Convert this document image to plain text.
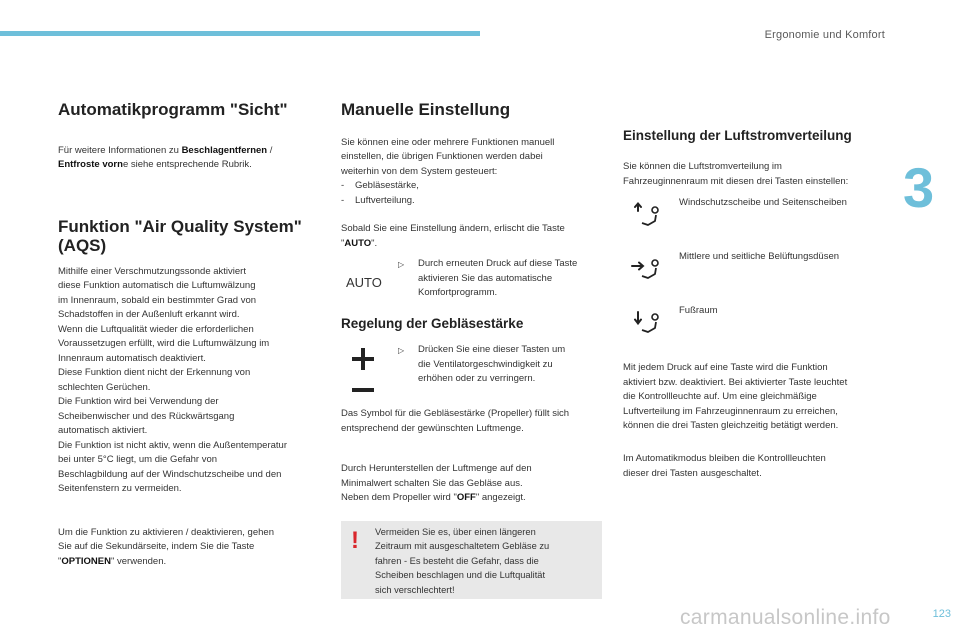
Ergonomie und Komfort
3
Automatikprogramm "Sicht"

Für weitere Informationen zu Beschlagentfernen /
Entfroste vorne siehe entsprechende Rubrik.

Funktion "Air Quality System"
(AQS)

Mithilfe einer Verschmutzungssonde aktiviert

diese Funktion automatisch die Luftumwälzung

im Innenraum, sobald ein bestimmter Grad von

Schadstoffen in der Außenluft erkannt wird.

Wenn die Luftqualität wieder die erforderlichen

Voraussetzugen erfüllt, wird die Luftumwälzung im

Innenraum automatisch deaktiviert.

Diese Funktion dient nicht der Erkennung von

schlechten Gerüchen.

Die Funktion wird bei Verwendung der

Scheibenwischer und des Rückwärtsgang

automatisch aktiviert.

Die Funktion ist nicht aktiv, wenn die Außentemperatur

bei unter 5°C liegt, um die Gefahr von

Beschlagbildung auf der Windschutzscheibe und den

Seitenfenstern zu vermeiden.

Um die Funktion zu aktivieren / deaktivieren, gehen

Sie auf die Sekundärseite, indem Sie die Taste

"OPTIONEN" verwenden.

Manuelle Einstellung

Sie können eine oder mehrere Funktionen manuell

einstellen, die übrigen Funktionen werden dabei

weiterhin von dem System gesteuert:

- Gebläsestärke,
- Luftverteilung.

Sobald Sie eine Einstellung ändern, erlischt die Taste

"AUTO".

AUTO
▷ Durch erneuten Druck auf diese Taste

aktivieren Sie das automatische

Komfortprogramm.

Regelung der Gebläsestärke
▷ Drücken Sie eine dieser Tasten um

die Ventilatorgeschwindigkeit zu

erhöhen oder zu verringern.

Das Symbol für die Gebläsestärke (Propeller) füllt sich

entsprechend der gewünschten Luftmenge.

Durch Herunterstellen der Luftmenge auf den

Minimalwert schalten Sie das Gebläse aus.

Neben dem Propeller wird "OFF" angezeigt.

! Vermeiden Sie es, über einen längeren

Zeitraum mit ausgeschaltetem Gebläse zu

fahren - Es besteht die Gefahr, dass die

Scheiben beschlagen und die Luftqualität

sich verschlechtert!

Einstellung der Luftstromverteilung

Sie können die Luftstromverteilung im

Fahrzeuginnenraum mit diesen drei Tasten einstellen:

Windschutzscheibe und Seitenscheiben

Mittlere und seitliche Belüftungsdüsen

Fußraum

Mit jedem Druck auf eine Taste wird die Funktion

aktiviert bzw. deaktiviert. Bei aktivierter Taste leuchtet

die Kontrollleuchte auf. Um eine gleichmäßige

Luftverteilung im Fahrzeuginnenraum zu erreichen,

können die drei Tasten gleichzeitig betätigt werden.

Im Automatikmodus bleiben die Kontrollleuchten

dieser drei Tasten ausgeschaltet.

carmanualsonline.info	123
